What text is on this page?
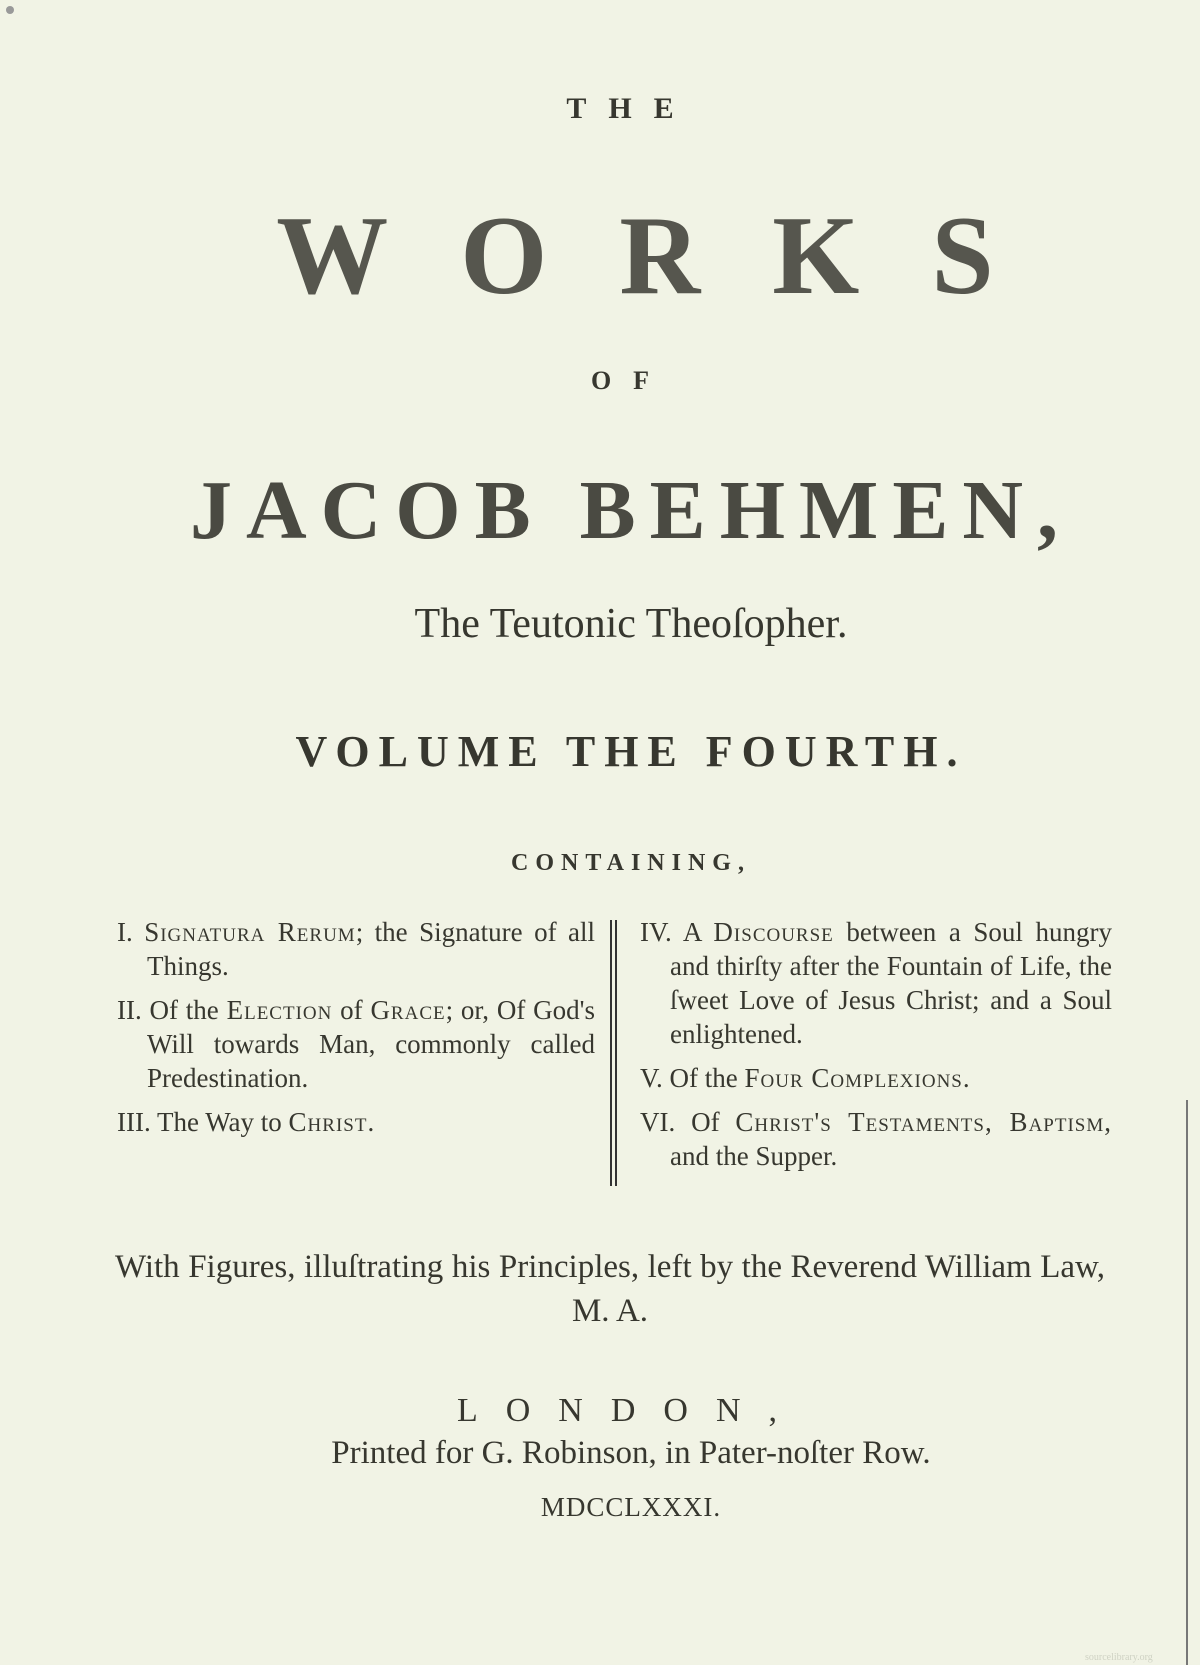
THE
WORKS
OF
JACOB BEHMEN,
The Teutonic Theoſopher.
VOLUME THE FOURTH.
CONTAINING,
I. Signatura Rerum; the Signature of all Things.
II. Of the Election of Grace; or, Of God's Will towards Man, commonly called Predestination.
III. The Way to Christ.
IV. A Discourse between a Soul hungry and thirſty after the Fountain of Life, the ſweet Love of Jesus Christ; and a Soul enlightened.
V. Of the Four Complexions.
VI. Of Christ's Testaments, Baptism, and the Supper.
With Figures, illuſtrating his Principles, left by the Reverend William Law, M. A.
LONDON,
Printed for G. Robinson, in Pater-noſter Row.
MDCCLXXXI.
sourcelibrary.org
